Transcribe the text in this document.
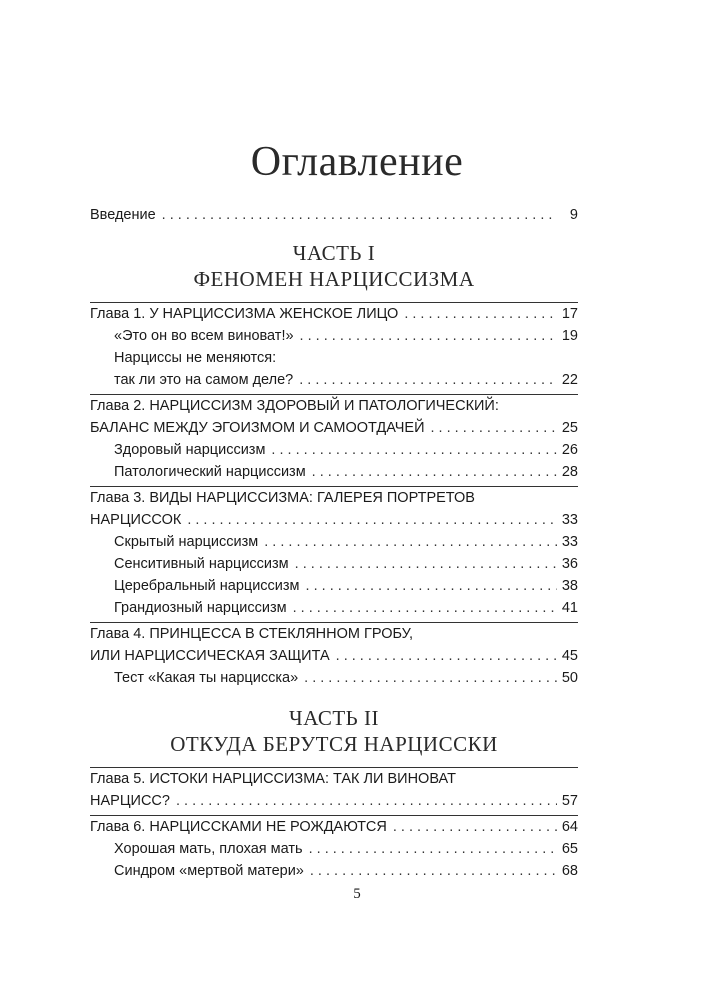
Оглавление
Введение . . .	9
ЧАСТЬ I
ФЕНОМЕН НАРЦИССИЗМА
Глава 1. У НАРЦИССИЗМА ЖЕНСКОЕ ЛИЦО . . .	17
«Это он во всем виноват!» . . .	19
Нарциссы не меняются:
так ли это на самом деле? . . .	22
Глава 2. НАРЦИССИЗМ ЗДОРОВЫЙ И ПАТОЛОГИЧЕСКИЙ:
БАЛАНС МЕЖДУ ЭГОИЗМОМ И САМООТДАЧЕЙ . . .	25
Здоровый нарциссизм . . .	26
Патологический нарциссизм . . .	28
Глава 3. ВИДЫ НАРЦИССИЗМА: ГАЛЕРЕЯ ПОРТРЕТОВ
НАРЦИССОК . . .	33
Скрытый нарциссизм . . .	33
Сенситивный нарциссизм . . .	36
Церебральный нарциссизм . . .	38
Грандиозный нарциссизм . . .	41
Глава 4. ПРИНЦЕССА В СТЕКЛЯННОМ ГРОБУ,
ИЛИ НАРЦИССИЧЕСКАЯ ЗАЩИТА . . .	45
Тест «Какая ты нарцисска» . . .	50
ЧАСТЬ II
ОТКУДА БЕРУТСЯ НАРЦИССКИ
Глава 5. ИСТОКИ НАРЦИССИЗМА: ТАК ЛИ ВИНОВАТ
НАРЦИСС? . . .	57
Глава 6. НАРЦИССКАМИ НЕ РОЖДАЮТСЯ . . .	64
Хорошая мать, плохая мать . . .	65
Синдром «мертвой матери» . . .	68
5
